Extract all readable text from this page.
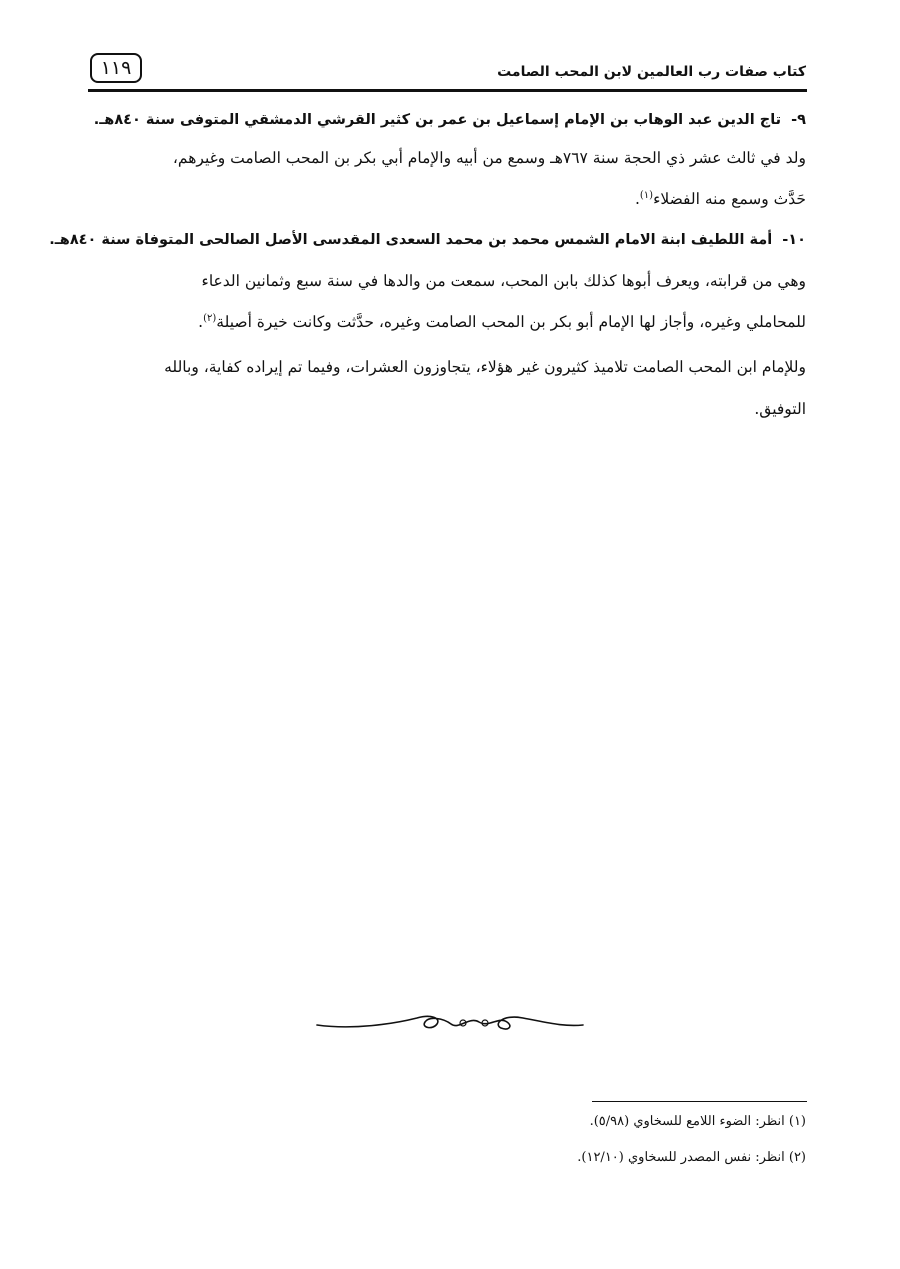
١١٩	كتاب صفات رب العالمين لابن المحب الصامت
٩-تاج الدين عبد الوهاب بن الإمام إسماعيل بن عمر بن كثير القرشي الدمشقي المتوفى سنة ٨٤٠هـ.
ولد في ثالث عشر ذي الحجة سنة ٧٦٧هـ وسمع من أبيه والإمام أبي بكر بن المحب الصامت وغيرهم،
حَدَّث وسمع منه الفضلاء$^{(١)}$.
١٠-أمة اللطيف ابنة الامام الشمس محمد بن محمد السعدى المقدسى الأصل الصالحى المتوفاة سنة ٨٤٠هـ.
وهي من قرابته، ويعرف أبوها كذلك بابن المحب، سمعت من والدها في سنة سبع وثمانين الدعاء
للمحاملي وغيره، وأجاز لها الإمام أبو بكر بن المحب الصامت وغيره، حدَّثت وكانت خيرة أصيلة$^{(٢)}$.
وللإمام ابن المحب الصامت تلاميذ كثيرون غير هؤلاء، يتجاوزون العشرات، وفيما تم إيراده كفاية، وبالله
التوفيق.
(١) انظر: الضوء اللامع للسخاوي (٥/٩٨).
(٢) انظر: نفس المصدر للسخاوي (١٢/١٠).
